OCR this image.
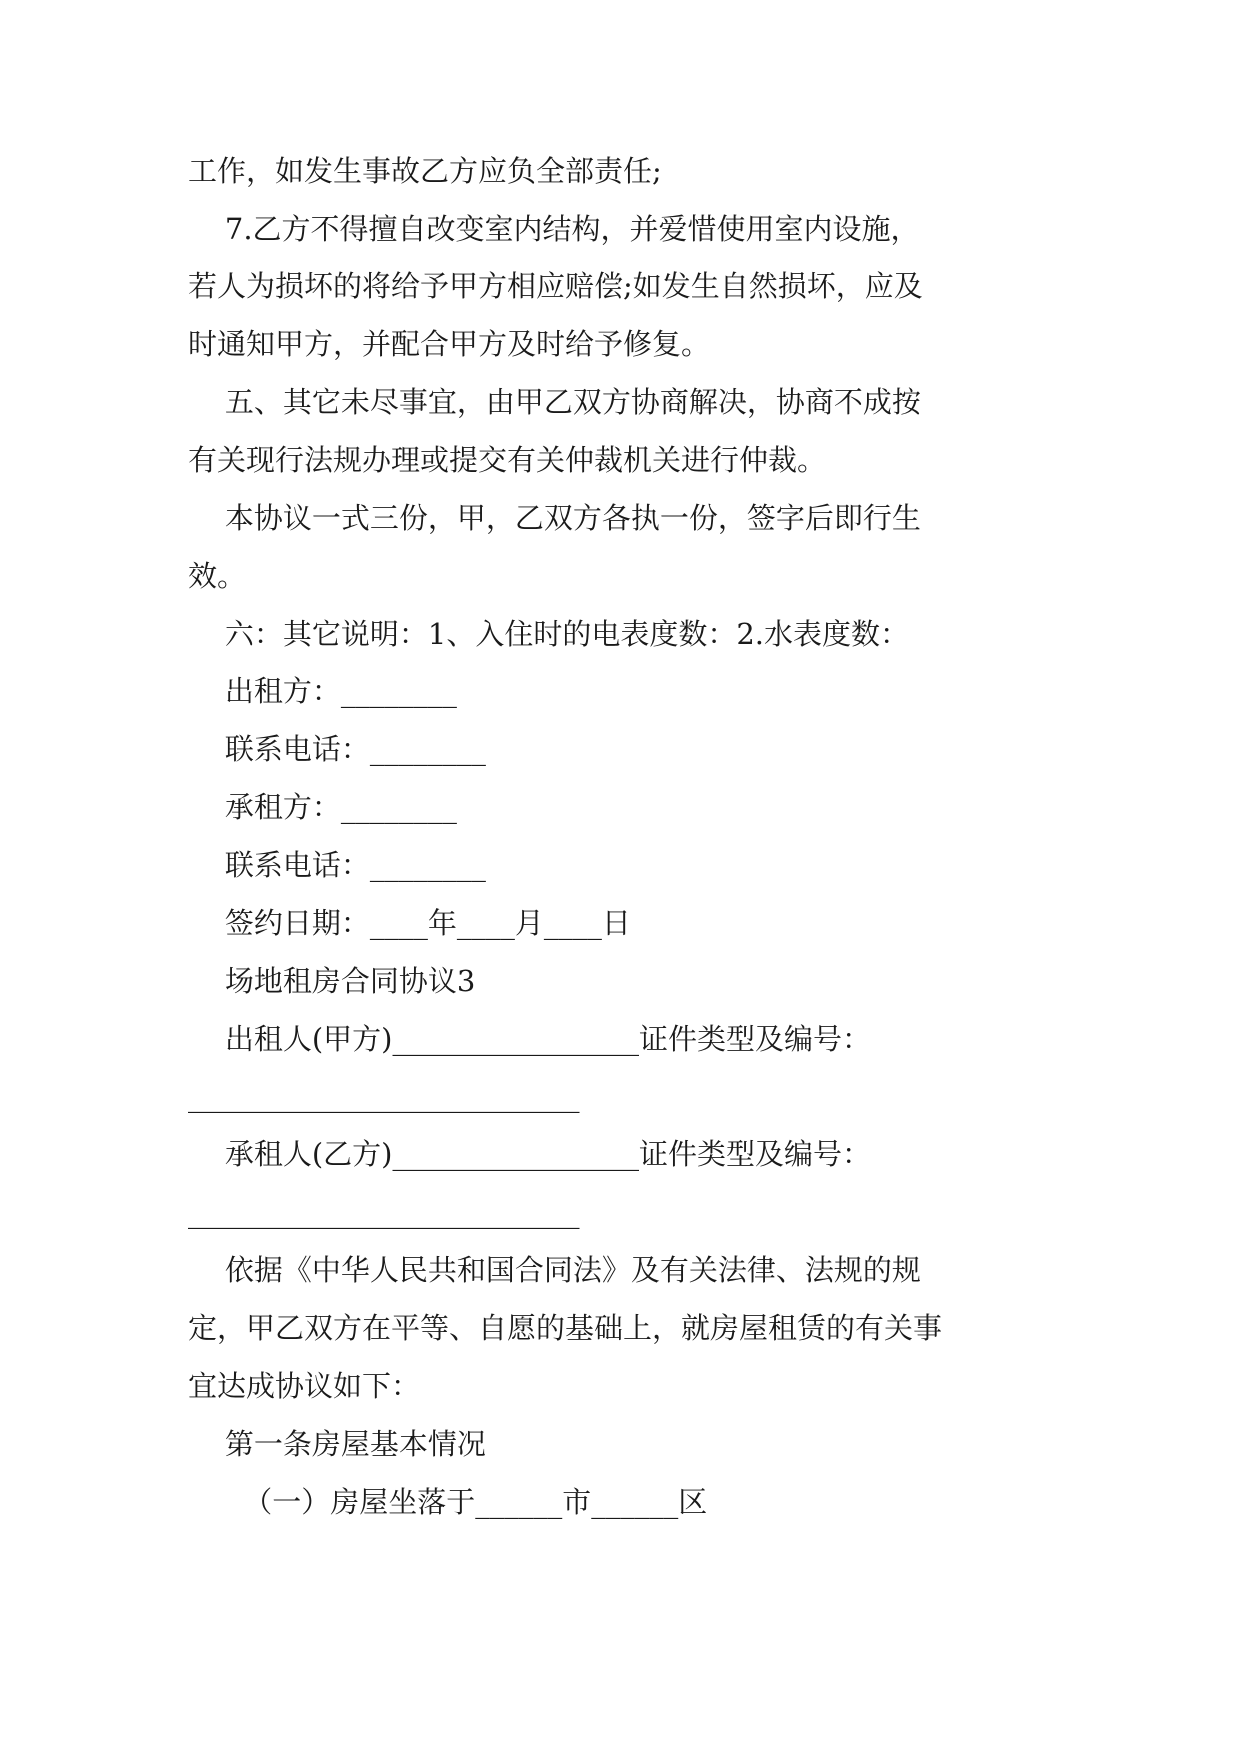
工作，如发生事故乙方应负全部责任;
7.乙方不得擅自改变室内结构，并爱惜使用室内设施，
若人为损坏的将给予甲方相应赔偿;如发生自然损坏，应及
时通知甲方，并配合甲方及时给予修复。
五、其它未尽事宜，由甲乙双方协商解决，协商不成按
有关现行法规办理或提交有关仲裁机关进行仲裁。
本协议一式三份，甲，乙双方各执一份，签字后即行生
效。
六：其它说明：1、入住时的电表度数：2.水表度数：
出租方：________
联系电话：________
承租方：________
联系电话：________
签约日期：____年____月____日
场地租房合同协议3
出租人(甲方)_________________证件类型及编号：
___________________________
承租人(乙方)_________________证件类型及编号：
___________________________
依据《中华人民共和国合同法》及有关法律、法规的规
定，甲乙双方在平等、自愿的基础上，就房屋租赁的有关事
宜达成协议如下：
第一条房屋基本情况
（一）房屋坐落于______市______区
